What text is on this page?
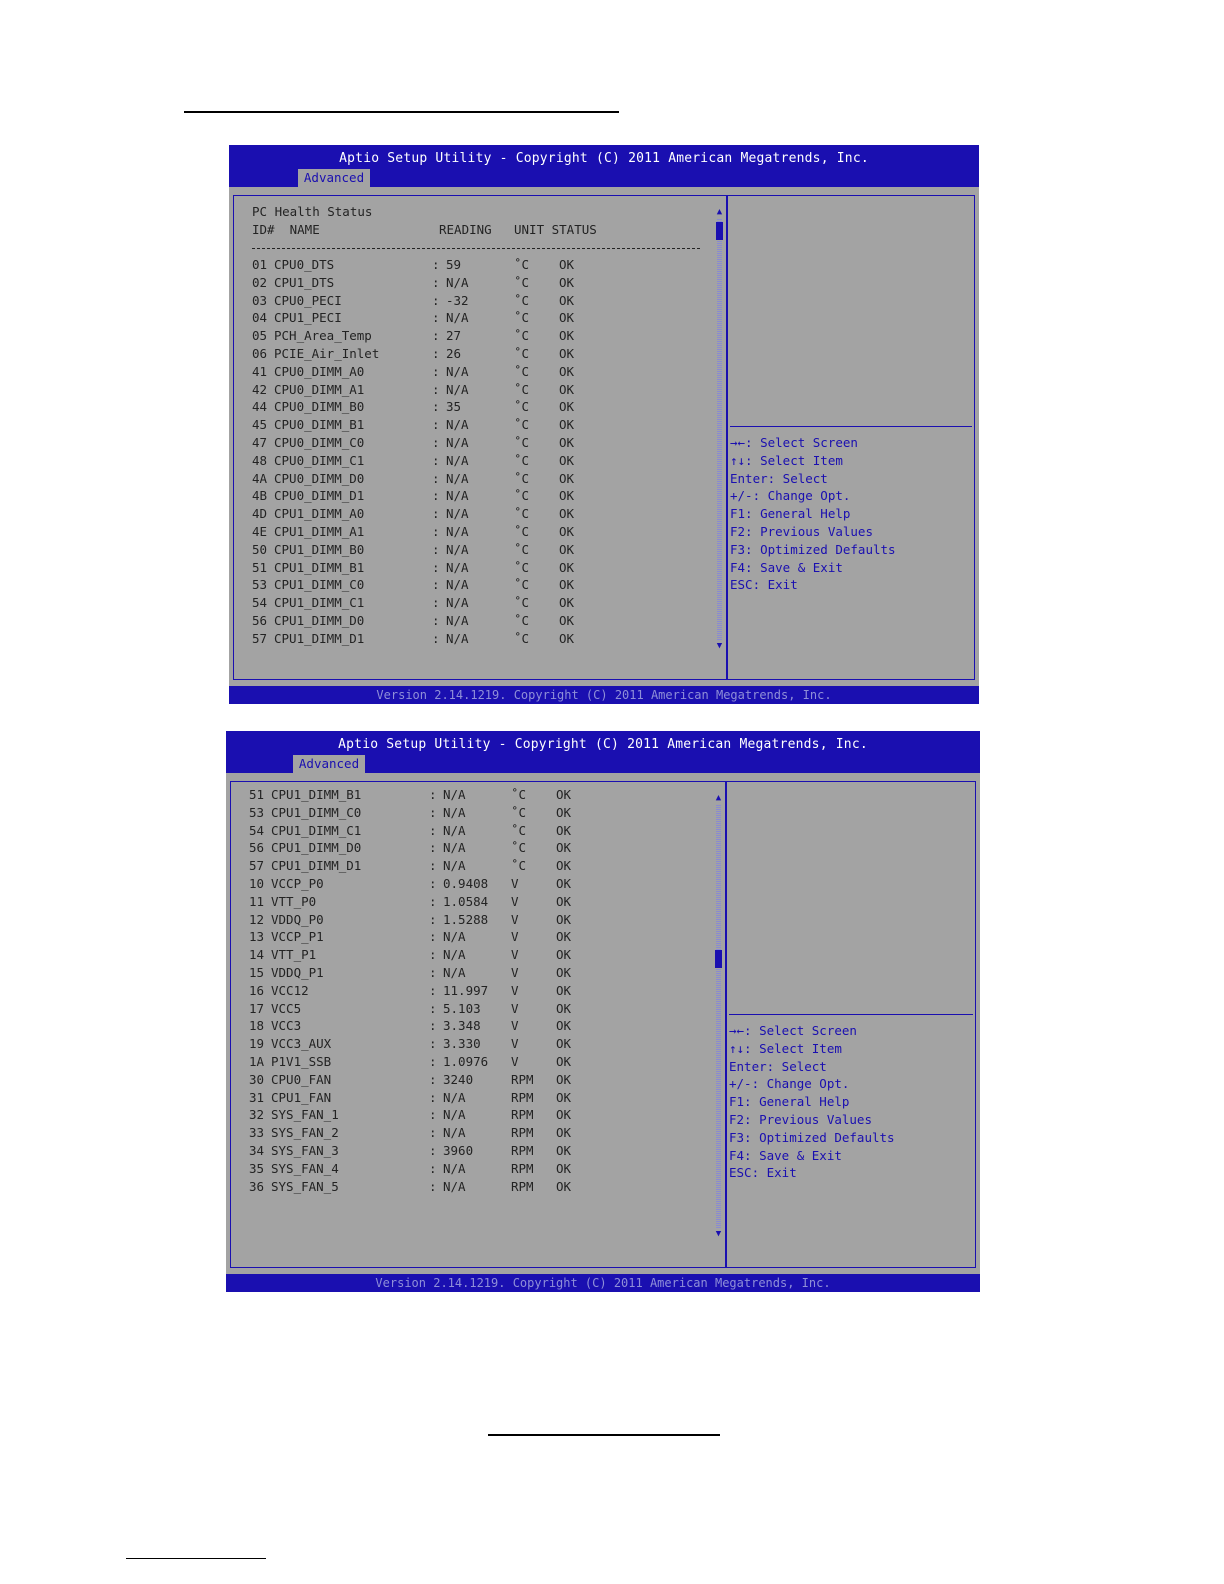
Aptio Setup Utility - Copyright (C) 2011 American Megatrends, Inc.
Advanced
PC Health Status
ID#  NAME	READING UNIT STATUS
01 CPU0_DTS	: 59	˚C OK
02 CPU1_DTS	: N/A	˚C OK
03 CPU0_PECI	: -32	˚C OK
04 CPU1_PECI	: N/A	˚C OK
05 PCH_Area_Temp	: 27	˚C OK
06 PCIE_Air_Inlet	: 26	˚C OK
41 CPU0_DIMM_A0	: N/A	˚C OK
42 CPU0_DIMM_A1	: N/A	˚C OK
44 CPU0_DIMM_B0	: 35	˚C OK
45 CPU0_DIMM_B1	: N/A	˚C OK
47 CPU0_DIMM_C0	: N/A	˚C OK
48 CPU0_DIMM_C1	: N/A	˚C OK
4A CPU0_DIMM_D0	: N/A	˚C OK
4B CPU0_DIMM_D1	: N/A	˚C OK
4D CPU1_DIMM_A0	: N/A	˚C OK
4E CPU1_DIMM_A1	: N/A	˚C OK
50 CPU1_DIMM_B0	: N/A	˚C OK
51 CPU1_DIMM_B1	: N/A	˚C OK
53 CPU1_DIMM_C0	: N/A	˚C OK
54 CPU1_DIMM_C1	: N/A	˚C OK
56 CPU1_DIMM_D0	: N/A	˚C OK
57 CPU1_DIMM_D1	: N/A	˚C OK
▲
▼
→←: Select Screen
↑↓: Select Item
Enter: Select
+/-: Change Opt.
F1: General Help
F2: Previous Values
F3: Optimized Defaults
F4: Save & Exit
ESC: Exit
Version 2.14.1219. Copyright (C) 2011 American Megatrends, Inc.
Aptio Setup Utility - Copyright (C) 2011 American Megatrends, Inc.
Advanced
51 CPU1_DIMM_B1	: N/A	˚C OK
53 CPU1_DIMM_C0	: N/A	˚C OK
54 CPU1_DIMM_C1	: N/A	˚C OK
56 CPU1_DIMM_D0	: N/A	˚C OK
57 CPU1_DIMM_D1	: N/A	˚C OK
10 VCCP_P0	: 0.9408 V	OK
11 VTT_P0	: 1.0584 V	OK
12 VDDQ_P0	: 1.5288 V	OK
13 VCCP_P1	: N/A	V	OK
14 VTT_P1	: N/A	V	OK
15 VDDQ_P1	: N/A	V	OK
16 VCC12	: 11.997 V	OK
17 VCC5	: 5.103 V	OK
18 VCC3	: 3.348 V	OK
19 VCC3_AUX	: 3.330 V	OK
1A P1V1_SSB	: 1.0976 V	OK
30 CPU0_FAN	: 3240	RPM OK
31 CPU1_FAN	: N/A	RPM OK
32 SYS_FAN_1	: N/A	RPM OK
33 SYS_FAN_2	: N/A	RPM OK
34 SYS_FAN_3	: 3960	RPM OK
35 SYS_FAN_4	: N/A	RPM OK
36 SYS_FAN_5	: N/A	RPM OK
▲
▼
→←: Select Screen
↑↓: Select Item
Enter: Select
+/-: Change Opt.
F1: General Help
F2: Previous Values
F3: Optimized Defaults
F4: Save & Exit
ESC: Exit
Version 2.14.1219. Copyright (C) 2011 American Megatrends, Inc.
